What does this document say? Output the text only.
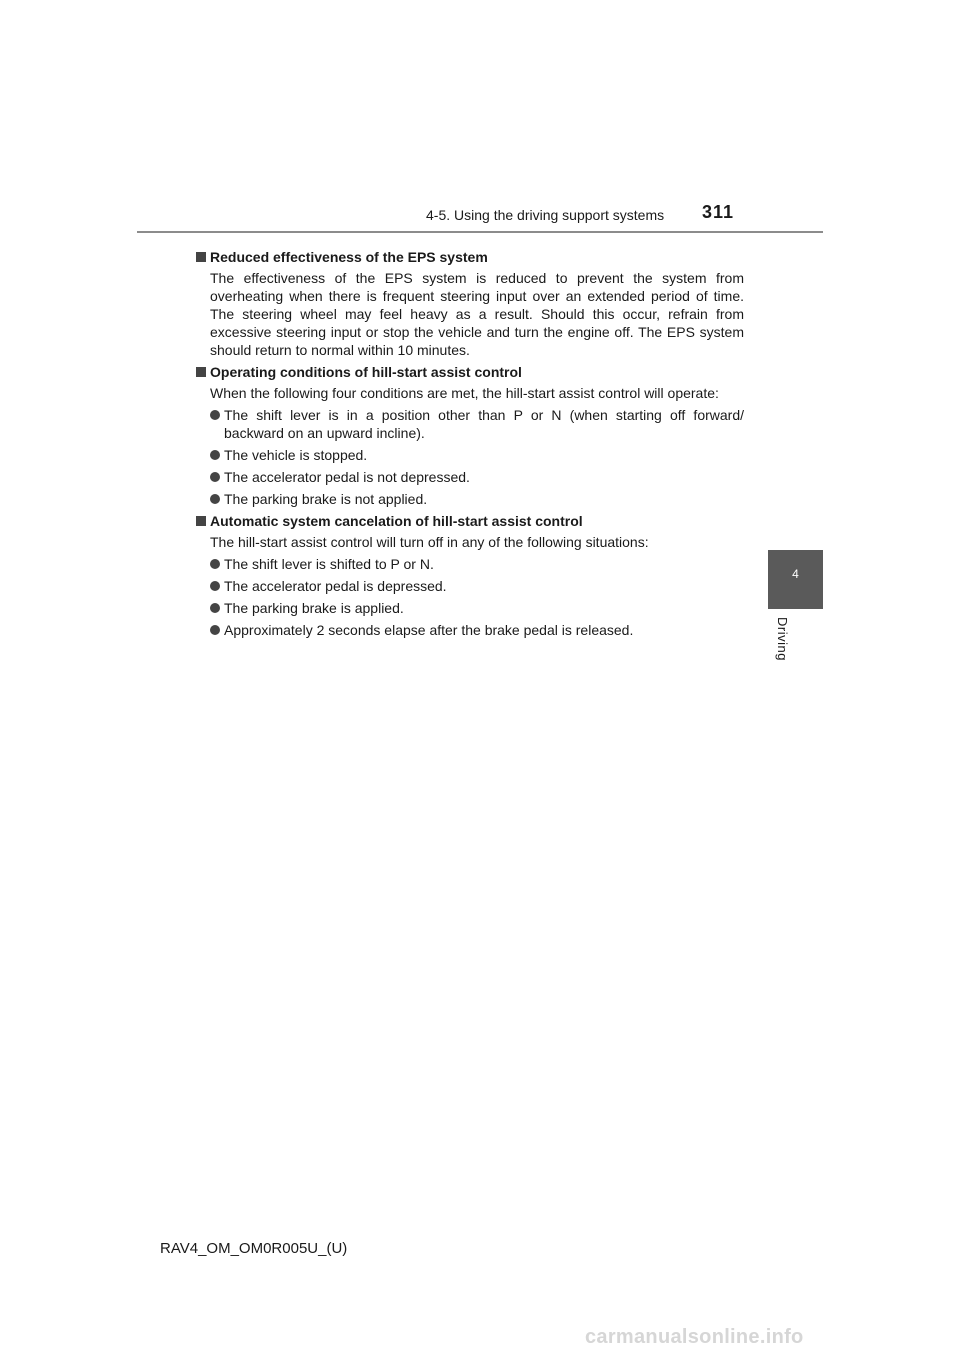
4-5. Using the driving support systems 311
4
Driving
Reduced effectiveness of the EPS system
The effectiveness of the EPS system is reduced to prevent the system from overheating when there is frequent steering input over an extended period of time. The steering wheel may feel heavy as a result. Should this occur, refrain from excessive steering input or stop the vehicle and turn the engine off. The EPS system should return to normal within 10 minutes.
Operating conditions of hill-start assist control
When the following four conditions are met, the hill-start assist control will operate:
The shift lever is in a position other than P or N (when starting off forward/ backward on an upward incline).
The vehicle is stopped.
The accelerator pedal is not depressed.
The parking brake is not applied.
Automatic system cancelation of hill-start assist control
The hill-start assist control will turn off in any of the following situations:
The shift lever is shifted to P or N.
The accelerator pedal is depressed.
The parking brake is applied.
Approximately 2 seconds elapse after the brake pedal is released.
RAV4_OM_OM0R005U_(U)
carmanualsonline.info
